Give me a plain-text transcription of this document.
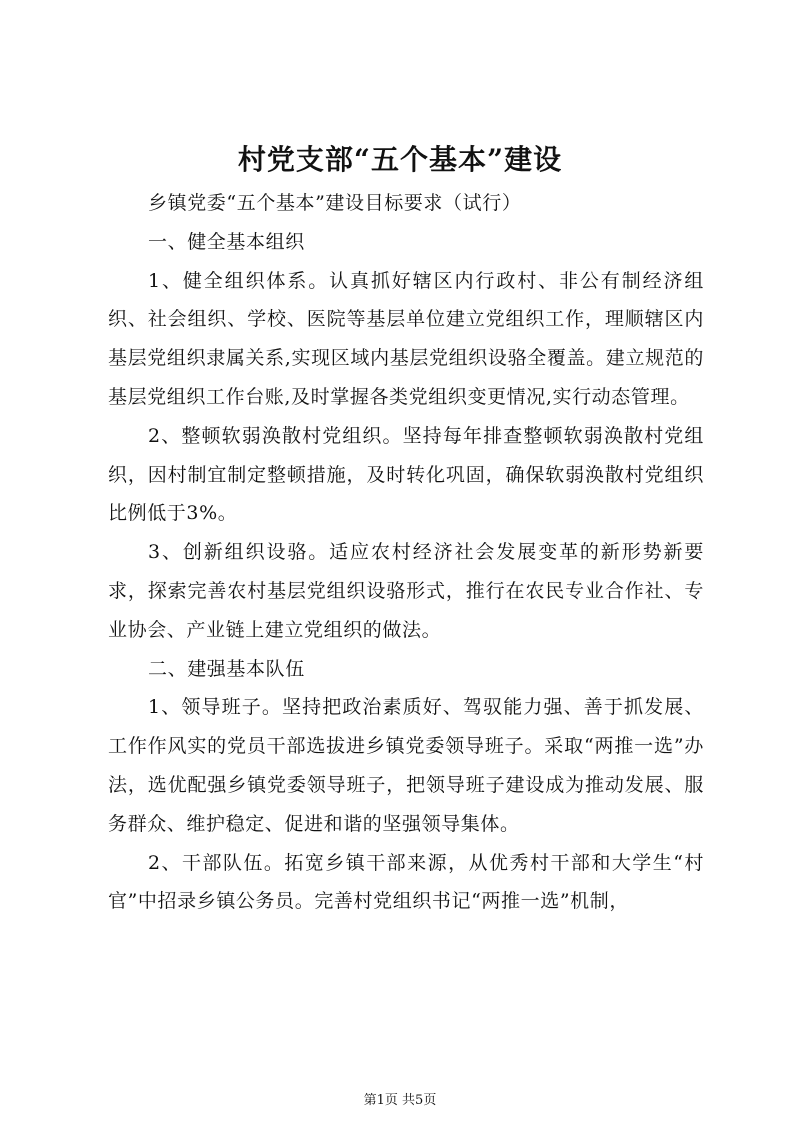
村党支部“五个基本”建设

乡镇党委“五个基本”建设目标要求（试行）

一、健全基本组织

1、健全组织体系。认真抓好辖区内行政村、非公有制经济组织、社会组织、学校、医院等基层单位建立党组织工作，理顺辖区内基层党组织隶属关系,实现区域内基层党组织设骆全覆盖。建立规范的基层党组织工作台账,及时掌握各类党组织变更情况,实行动态管理。

2、整顿软弱涣散村党组织。坚持每年排查整顿软弱涣散村党组织，因村制宜制定整顿措施，及时转化巩固，确保软弱涣散村党组织比例低于3%。

3、创新组织设骆。适应农村经济社会发展变革的新形势新要求，探索完善农村基层党组织设骆形式，推行在农民专业合作社、专业协会、产业链上建立党组织的做法。

二、建强基本队伍

1、领导班子。坚持把政治素质好、驾驭能力强、善于抓发展、工作作风实的党员干部选拔进乡镇党委领导班子。采取“两推一选”办法，选优配强乡镇党委领导班子，把领导班子建设成为推动发展、服务群众、维护稳定、促进和谐的坚强领导集体。

2、干部队伍。拓宽乡镇干部来源，从优秀村干部和大学生“村官”中招录乡镇公务员。完善村党组织书记“两推一选”机制，

第1页 共5页
